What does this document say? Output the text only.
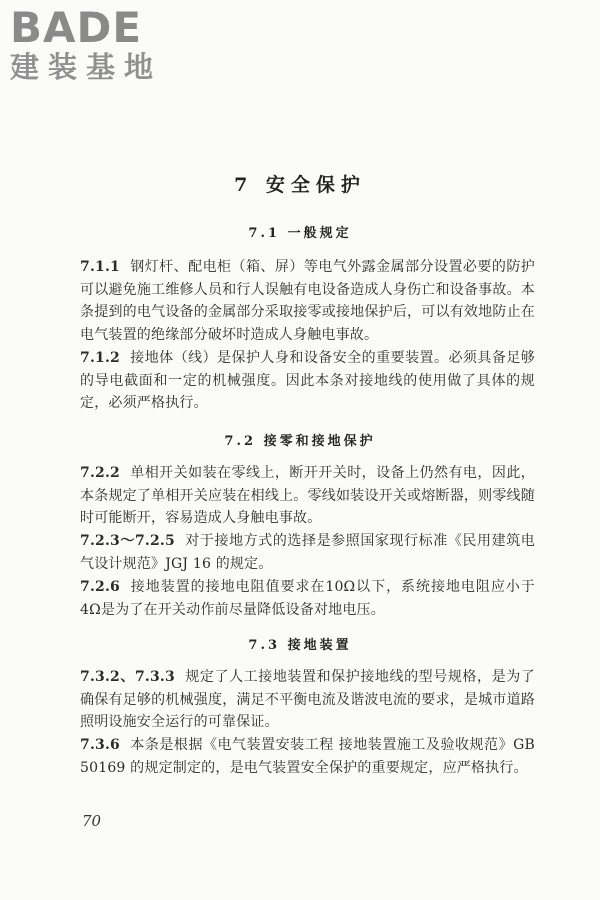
BADE
建装基地
7 安全保护
7.1 一般规定
7.1.1 钢灯杆、配电柜（箱、屏）等电气外露金属部分设置必要的防护可以避免施工维修人员和行人误触有电设备造成人身伤亡和设备事故。本条提到的电气设备的金属部分采取接零或接地保护后，可以有效地防止在电气装置的绝缘部分破坏时造成人身触电事故。
7.1.2 接地体（线）是保护人身和设备安全的重要装置。必须具备足够的导电截面和一定的机械强度。因此本条对接地线的使用做了具体的规定，必须严格执行。
7.2 接零和接地保护
7.2.2 单相开关如装在零线上，断开开关时，设备上仍然有电，因此，本条规定了单相开关应装在相线上。零线如装设开关或熔断器，则零线随时可能断开，容易造成人身触电事故。
7.2.3～7.2.5 对于接地方式的选择是参照国家现行标准《民用建筑电气设计规范》JGJ 16 的规定。
7.2.6 接地装置的接地电阻值要求在10Ω以下，系统接地电阻应小于4Ω是为了在开关动作前尽量降低设备对地电压。
7.3 接地装置
7.3.2、7.3.3 规定了人工接地装置和保护接地线的型号规格，是为了确保有足够的机械强度，满足不平衡电流及谐波电流的要求，是城市道路照明设施安全运行的可靠保证。
7.3.6 本条是根据《电气装置安装工程 接地装置施工及验收规范》GB 50169 的规定制定的，是电气装置安全保护的重要规定，应严格执行。
70
